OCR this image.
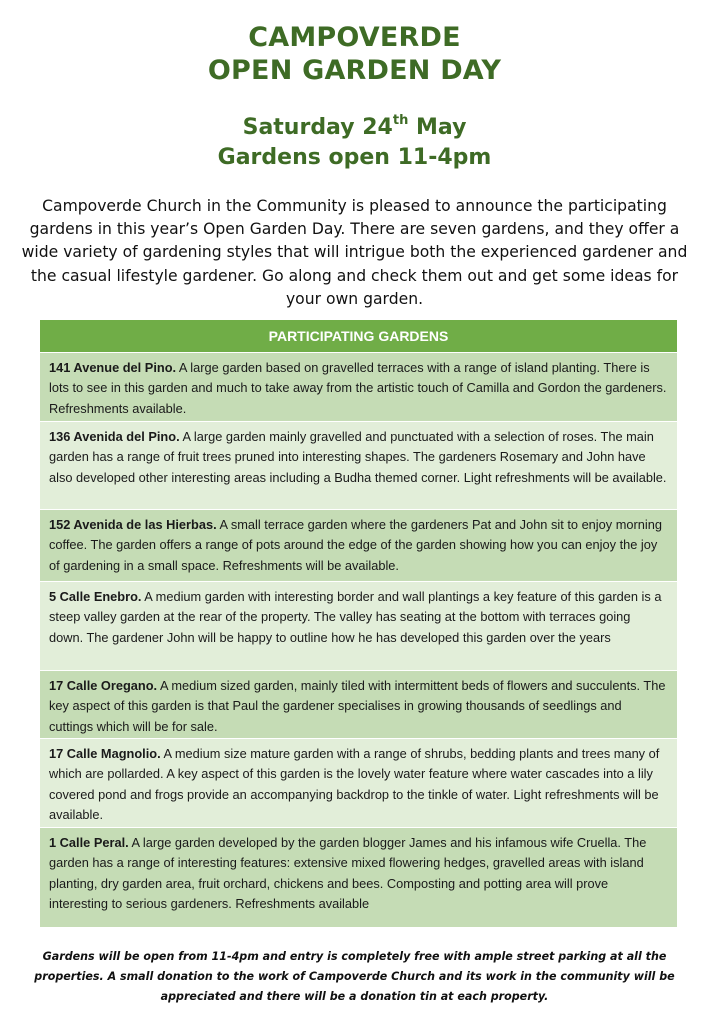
CAMPOVERDE
OPEN GARDEN DAY
Saturday 24th May
Gardens open 11-4pm

Campoverde Church in the Community is pleased to announce the participating gardens in this year’s Open Garden Day. There are seven gardens, and they offer a wide variety of gardening styles that will intrigue both the experienced gardener and the casual lifestyle gardener. Go along and check them out and get some ideas for your own garden.

PARTICIPATING GARDENS
141 Avenue del Pino. A large garden based on gravelled terraces with a range of island planting. There is lots to see in this garden and much to take away from the artistic touch of Camilla and Gordon the gardeners. Refreshments available.
136 Avenida del Pino. A large garden mainly gravelled and punctuated with a selection of roses. The main garden has a range of fruit trees pruned into interesting shapes. The gardeners Rosemary and John have also developed other interesting areas including a Budha themed corner. Light refreshments will be available.
152 Avenida de las Hierbas. A small terrace garden where the gardeners Pat and John sit to enjoy morning coffee. The garden offers a range of pots around the edge of the garden showing how you can enjoy the joy of gardening in a small space. Refreshments will be available.
5 Calle Enebro. A medium garden with interesting border and wall plantings a key feature of this garden is a steep valley garden at the rear of the property. The valley has seating at the bottom with terraces going down. The gardener John will be happy to outline how he has developed this garden over the years
17 Calle Oregano. A medium sized garden, mainly tiled with intermittent beds of flowers and succulents. The key aspect of this garden is that Paul the gardener specialises in growing thousands of seedlings and cuttings which will be for sale.
17 Calle Magnolio. A medium size mature garden with a range of shrubs, bedding plants and trees many of which are pollarded. A key aspect of this garden is the lovely water feature where water cascades into a lily covered pond and frogs provide an accompanying backdrop to the tinkle of water. Light refreshments will be available.
1 Calle Peral. A large garden developed by the garden blogger James and his infamous wife Cruella. The garden has a range of interesting features: extensive mixed flowering hedges, gravelled areas with island planting, dry garden area, fruit orchard, chickens and bees. Composting and potting area will prove interesting to serious gardeners. Refreshments available

Gardens will be open from 11-4pm and entry is completely free with ample street parking at all the properties. A small donation to the work of Campoverde Church and its work in the community will be appreciated and there will be a donation tin at each property.
